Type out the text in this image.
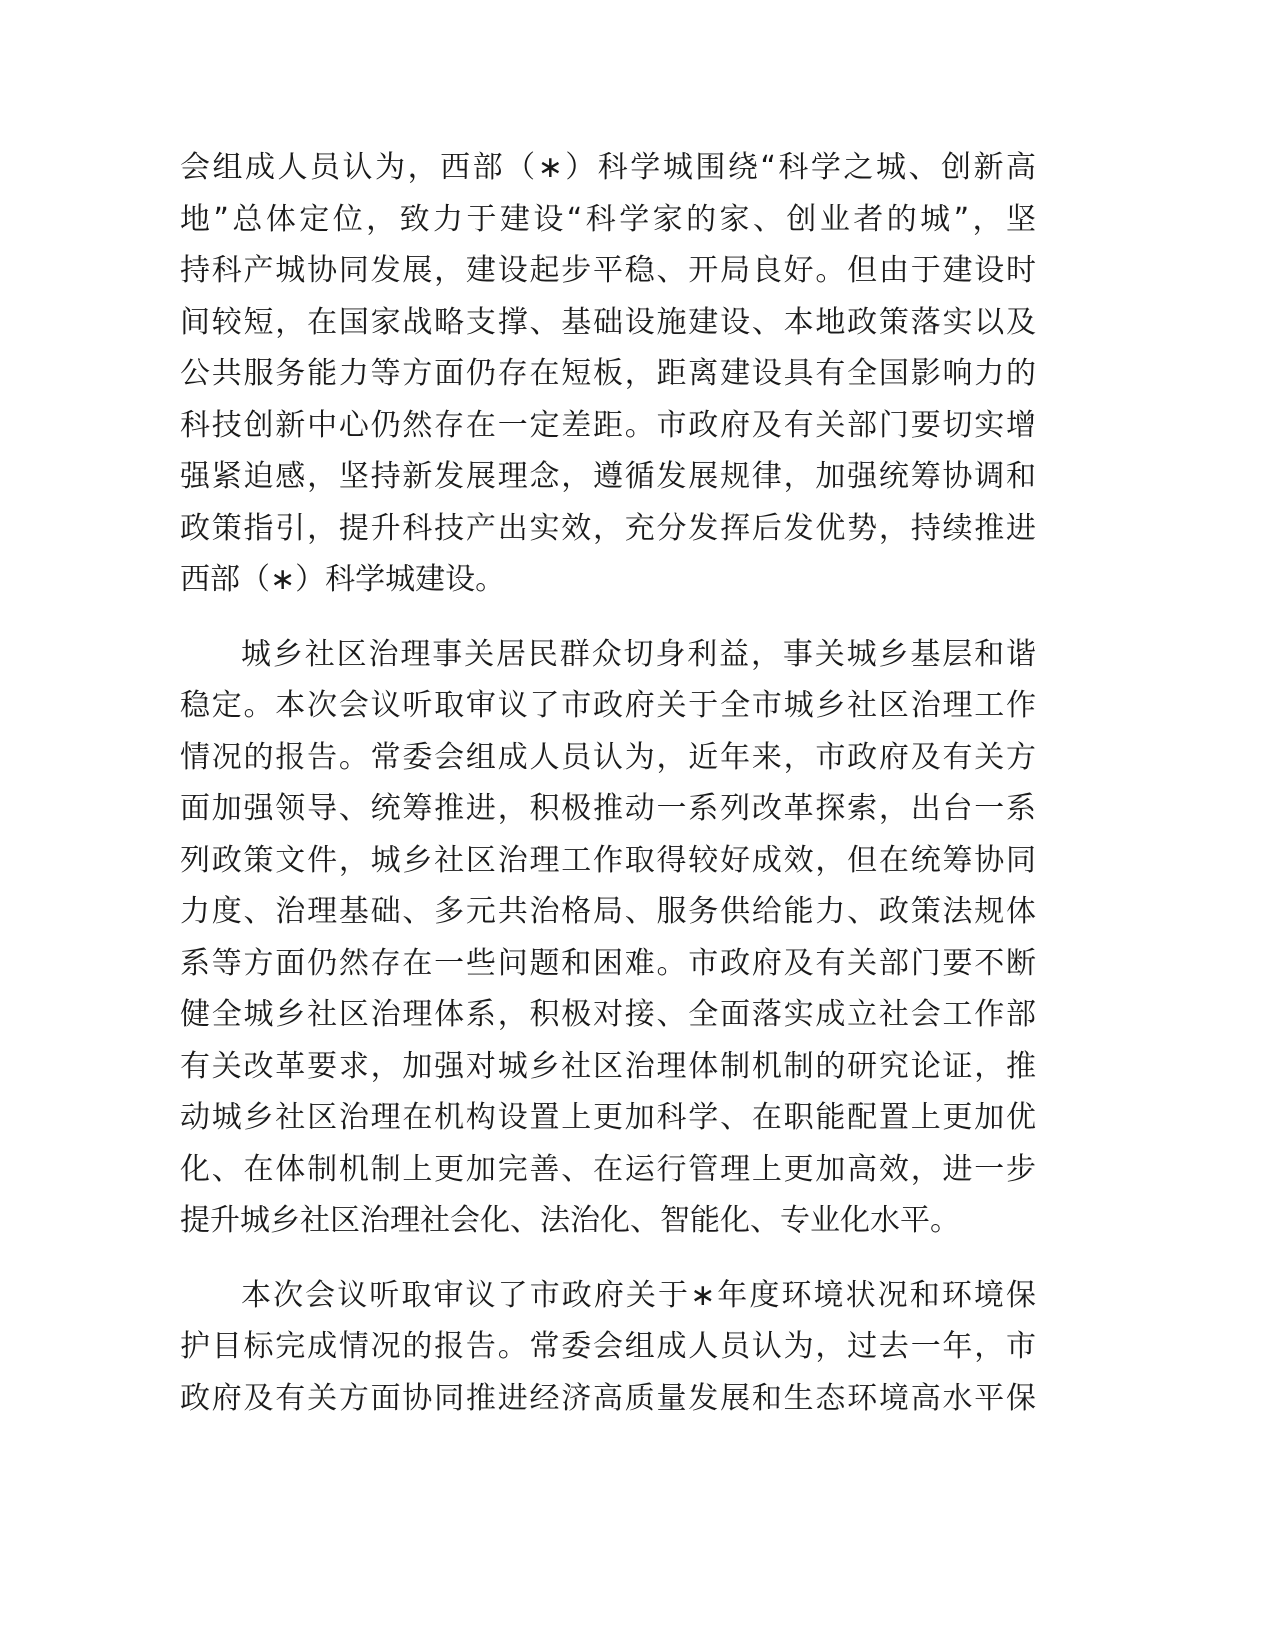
会组成人员认为，西部（∗）科学城围绕“科学之城、创新高
地”总体定位，致力于建设“科学家的家、创业者的城”，坚
持科产城协同发展，建设起步平稳、开局良好。但由于建设时
间较短，在国家战略支撑、基础设施建设、本地政策落实以及
公共服务能力等方面仍存在短板，距离建设具有全国影响力的
科技创新中心仍然存在一定差距。市政府及有关部门要切实增
强紧迫感，坚持新发展理念，遵循发展规律，加强统筹协调和
政策指引，提升科技产出实效，充分发挥后发优势，持续推进
西部（∗）科学城建设。
城乡社区治理事关居民群众切身利益，事关城乡基层和谐
稳定。本次会议听取审议了市政府关于全市城乡社区治理工作
情况的报告。常委会组成人员认为，近年来，市政府及有关方
面加强领导、统筹推进，积极推动一系列改革探索，出台一系
列政策文件，城乡社区治理工作取得较好成效，但在统筹协同
力度、治理基础、多元共治格局、服务供给能力、政策法规体
系等方面仍然存在一些问题和困难。市政府及有关部门要不断
健全城乡社区治理体系，积极对接、全面落实成立社会工作部
有关改革要求，加强对城乡社区治理体制机制的研究论证，推
动城乡社区治理在机构设置上更加科学、在职能配置上更加优
化、在体制机制上更加完善、在运行管理上更加高效，进一步
提升城乡社区治理社会化、法治化、智能化、专业化水平。
本次会议听取审议了市政府关于∗年度环境状况和环境保
护目标完成情况的报告。常委会组成人员认为，过去一年，市
政府及有关方面协同推进经济高质量发展和生态环境高水平保
